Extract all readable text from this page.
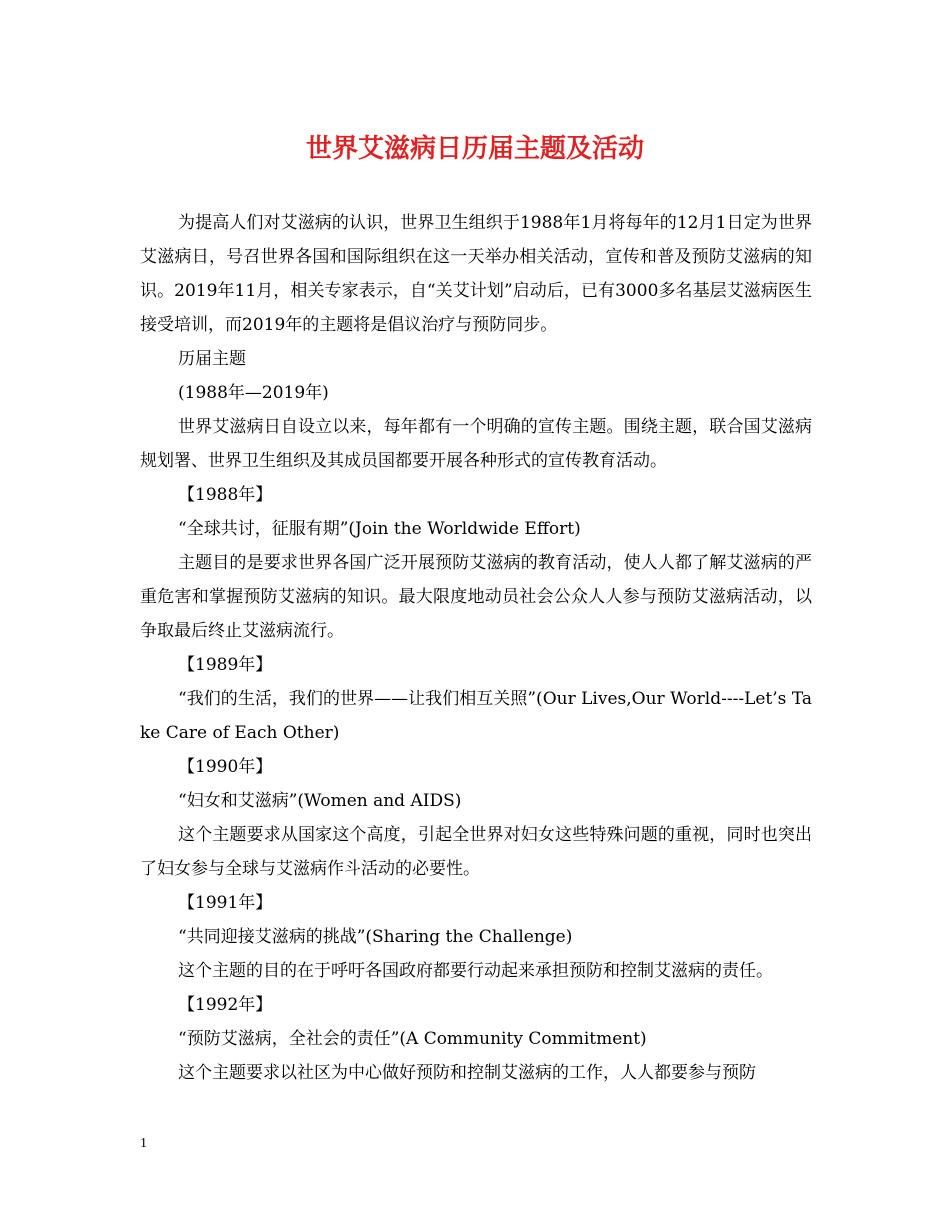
世界艾滋病日历届主题及活动

为提高人们对艾滋病的认识，世界卫生组织于1988年1月将每年的12月1日定为世界艾滋病日，号召世界各国和国际组织在这一天举办相关活动，宣传和普及预防艾滋病的知识。2019年11月，相关专家表示，自“关艾计划”启动后，已有3000多名基层艾滋病医生接受培训，而2019年的主题将是倡议治疗与预防同步。

历届主题

(1988年—2019年)

世界艾滋病日自设立以来，每年都有一个明确的宣传主题。围绕主题，联合国艾滋病规划署、世界卫生组织及其成员国都要开展各种形式的宣传教育活动。

【1988年】

“全球共讨，征服有期”(Join the Worldwide Effort)

主题目的是要求世界各国广泛开展预防艾滋病的教育活动，使人人都了解艾滋病的严重危害和掌握预防艾滋病的知识。最大限度地动员社会公众人人参与预防艾滋病活动，以争取最后终止艾滋病流行。

【1989年】

“我们的生活，我们的世界——让我们相互关照”(Our Lives,Our World----Let’s Take Care of Each Other)

【1990年】

“妇女和艾滋病”(Women and AIDS)

这个主题要求从国家这个高度，引起全世界对妇女这些特殊问题的重视，同时也突出了妇女参与全球与艾滋病作斗活动的必要性。

【1991年】

“共同迎接艾滋病的挑战”(Sharing the Challenge)

这个主题的目的在于呼吁各国政府都要行动起来承担预防和控制艾滋病的责任。

【1992年】

“预防艾滋病，全社会的责任”(A Community Commitment)

这个主题要求以社区为中心做好预防和控制艾滋病的工作，人人都要参与预防

1
